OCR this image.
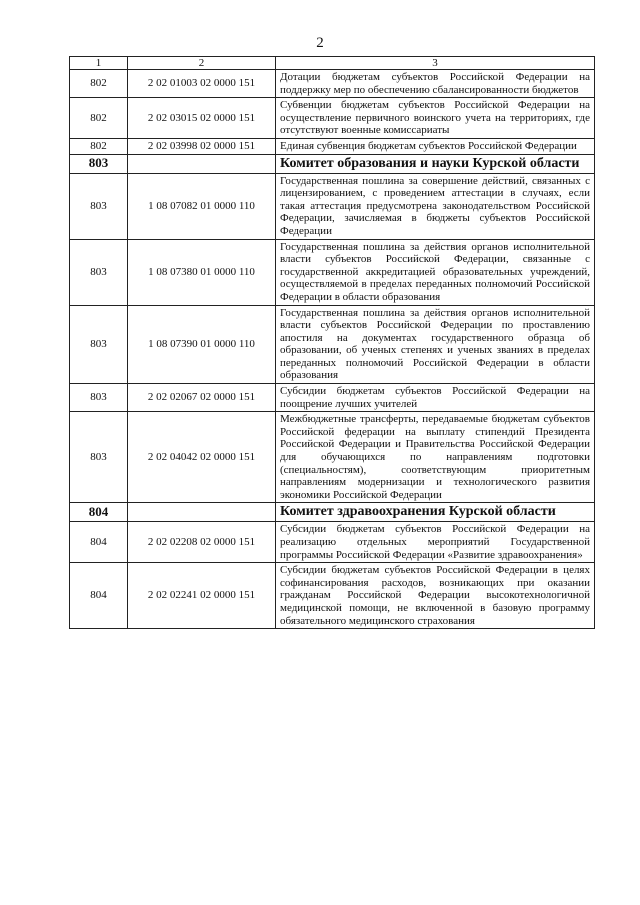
2
1	2	3
802	2 02 01003 02 0000 151	Дотации бюджетам субъектов Российской Федерации на поддержку мер по обеспечению сбалансированности бюджетов
802	2 02 03015 02 0000 151	Субвенции бюджетам субъектов Российской Федерации на осуществление первичного воинского учета на территориях, где отсутствуют военные комиссариаты
802	2 02 03998 02 0000 151	Единая субвенция бюджетам субъектов Российской Федерации
803		Комитет образования и науки Курской области
803	1 08 07082 01 0000 110	Государственная пошлина за совершение действий, связанных с лицензированием, с проведением аттестации в случаях, если такая аттестация предусмотрена законодательством Российской Федерации, зачисляемая в бюджеты субъектов Российской Федерации
803	1 08 07380 01 0000 110	Государственная пошлина за действия органов исполнительной власти субъектов Российской Федерации, связанные с государственной аккредитацией образовательных учреждений, осуществляемой в пределах переданных полномочий Российской Федерации в области образования
803	1 08 07390 01 0000 110	Государственная пошлина за действия органов исполнительной власти субъектов Российской Федерации по проставлению апостиля на документах государственного образца об образовании, об ученых степенях и ученых званиях в пределах переданных полномочий Российской Федерации в области образования
803	2 02 02067 02 0000 151	Субсидии бюджетам субъектов Российской Федерации на поощрение лучших учителей
803	2 02 04042 02 0000 151	Межбюджетные трансферты, передаваемые бюджетам субъектов Российской федерации на выплату стипендий Президента Российской Федерации и Правительства Российской Федерации для обучающихся по направлениям подготовки (специальностям), соответствующим приоритетным направлениям модернизации и технологического развития экономики Российской Федерации
804		Комитет здравоохранения Курской области
804	2 02 02208 02 0000 151	Субсидии бюджетам субъектов Российской Федерации на реализацию отдельных мероприятий Государственной программы Российской Федерации «Развитие здравоохранения»
804	2 02 02241 02 0000 151	Субсидии бюджетам субъектов Российской Федерации в целях софинансирования расходов, возникающих при оказании гражданам Российской Федерации высокотехнологичной медицинской помощи, не включенной в базовую программу обязательного медицинского страхования
